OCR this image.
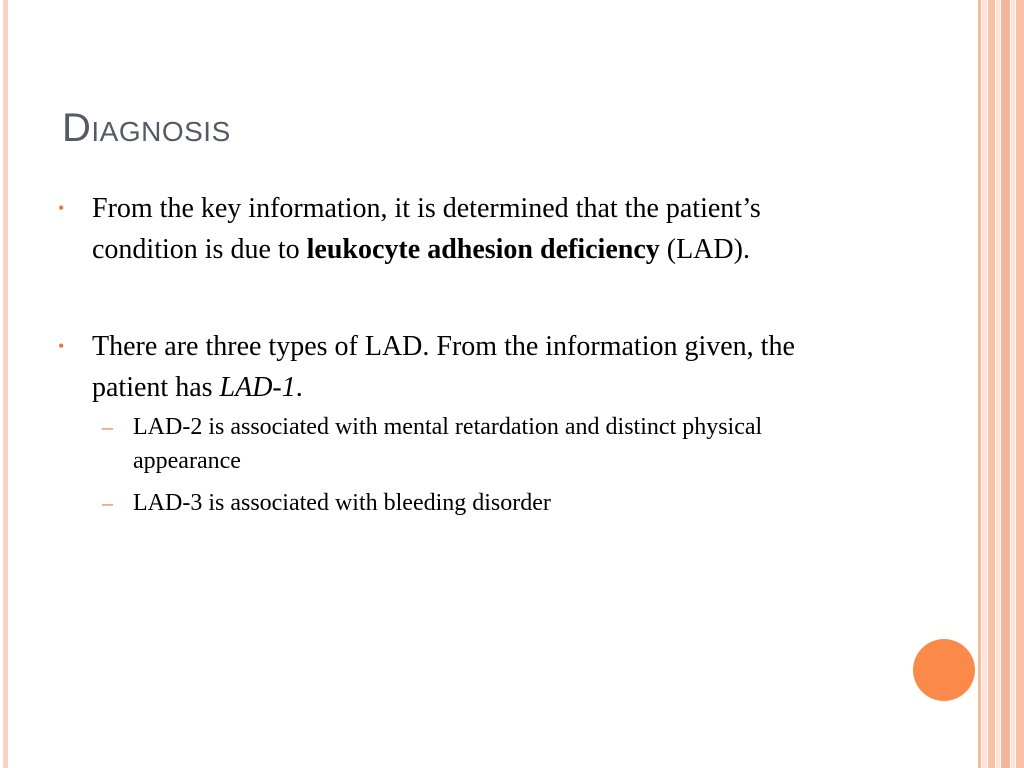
Diagnosis
• From the key information, it is determined that the patient’s condition is due to leukocyte adhesion deficiency (LAD).
• There are three types of LAD. From the information given, the patient has LAD-1.
– LAD-2 is associated with mental retardation and distinct physical appearance
– LAD-3 is associated with bleeding disorder
